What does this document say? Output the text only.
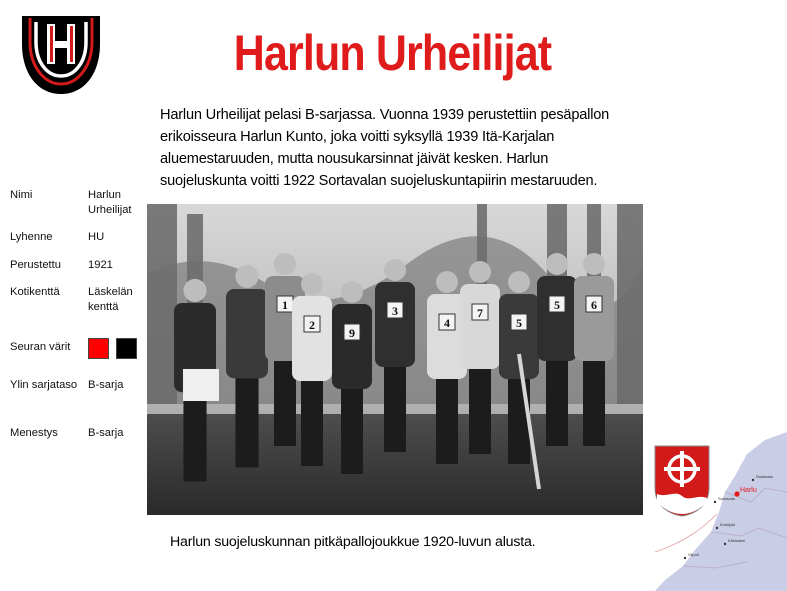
Harlun Urheilijat
Harlun Urheilijat pelasi B-sarjassa. Vuonna 1939 perustettiin pesäpallon erikoisseura Harlun Kunto, joka voitti syksyllä 1939 Itä-Karjalan aluemestaruuden, mutta nousukarsinnat jäivät kesken. Harlun suojeluskunta voitti 1922 Sortavalan suojeluskuntapiirin mestaruuden.
Nimi	Harlun Urheilijat
Lyhenne	HU
Perustettu	1921
Kotikenttä	Läskelän kenttä
Seuran värit
Ylin sarjataso B-sarja
Menestys	B-sarja
1
2
9
3
4
7
5
5	6
Harlun suojeluskunnan pitkäpallojoukkue 1920-luvun alusta.
Harlu
Sortavala
Ruskeala
Kurkijoki
Käkisalmi
Viipuri
